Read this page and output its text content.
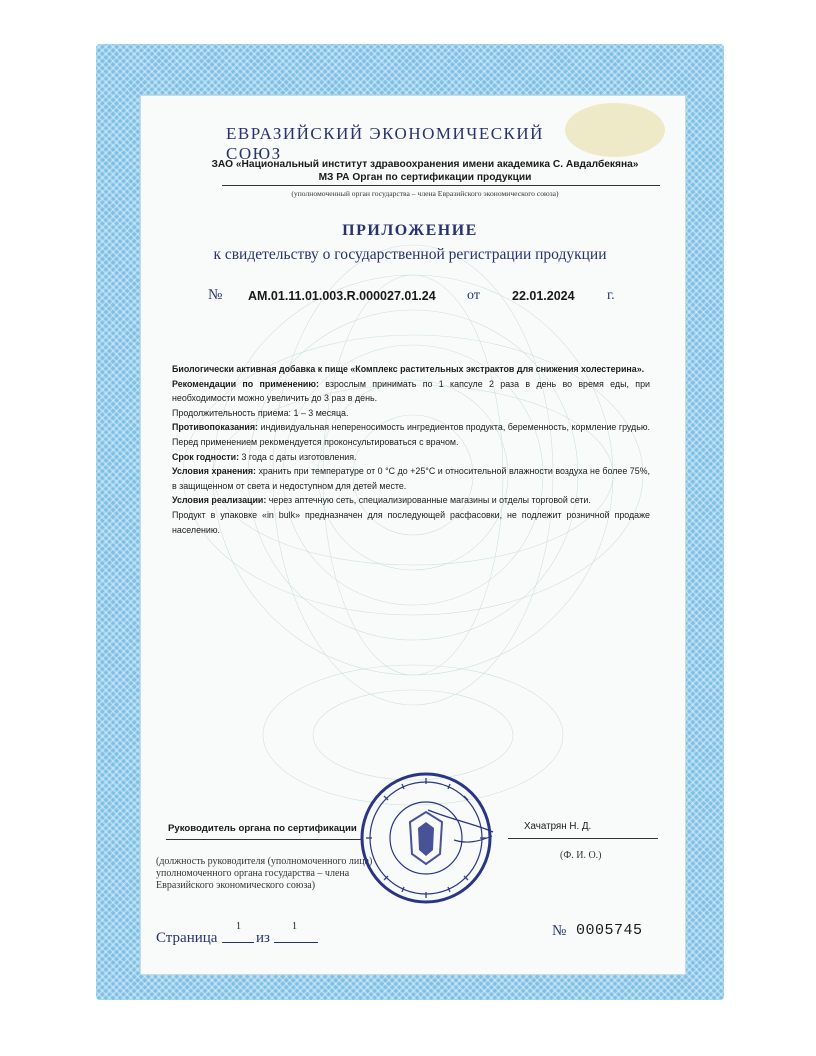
ЕВРАЗИЙСКИЙ ЭКОНОМИЧЕСКИЙ СОЮЗ
ЗАО «Национальный институт здравоохранения имени академика С. Авдалбекяна»
МЗ РА Орган по сертификации продукции
(уполномоченный орган государства – члена Евразийского экономического союза)
ПРИЛОЖЕНИЕ
к свидетельству о государственной регистрации продукции
№ AM.01.11.01.003.R.000027.01.24 от	22.01.2024 г.

Биологически активная добавка к пище «Комплекс растительных экстрактов для снижения холестерина».

Рекомендации по применению: взрослым принимать по 1 капсуле 2 раза в день во время еды, при необходимости можно увеличить до 3 раз в день.

Продолжительность приема: 1 – 3 месяца.

Противопоказания: индивидуальная непереносимость ингредиентов продукта, беременность, кормление грудью. Перед применением рекомендуется проконсультироваться с врачом.

Срок годности: 3 года с даты изготовления.

Условия хранения: хранить при температуре от 0 °С до +25°С и относительной влажности воздуха не более 75%, в защищенном от света и недоступном для детей месте.

Условия реализации: через аптечную сеть, специализированные магазины и отделы торговой сети.

Продукт в упаковке «in bulk» предназначен для последующей расфасовки, не подлежит розничной продаже населению.

Руководитель органа по сертификации	Хачатрян Н. Д.
(Ф. И. О.)
(должность руководителя (уполномоченного лица) уполномоченного органа государства – члена Евразийского экономического союза)
Страница
1
из
1	№ 0005745
